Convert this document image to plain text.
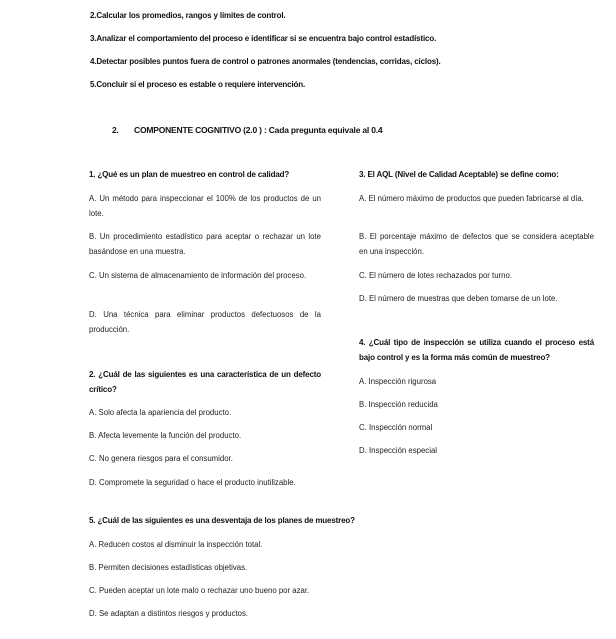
2.Calcular los promedios, rangos y límites de control.
3.Analizar el comportamiento del proceso e identificar si se encuentra bajo control estadístico.
4.Detectar posibles puntos fuera de control o patrones anormales (tendencias, corridas, ciclos).
5.Concluir si el proceso es estable o requiere intervención.
2. COMPONENTE COGNITIVO (2.0 ) : Cada pregunta equivale al 0.4
1. ¿Qué es un plan de muestreo en control de calidad?
A. Un método para inspeccionar el 100% de los productos de un lote.
B. Un procedimiento estadístico para aceptar o rechazar un lote basándose en una muestra.
C. Un sistema de almacenamiento de información del proceso.
D. Una técnica para eliminar productos defectuosos de la producción.
2. ¿Cuál de las siguientes es una característica de un defecto crítico?
A. Solo afecta la apariencia del producto.
B. Afecta levemente la función del producto.
C. No genera riesgos para el consumidor.
D. Compromete la seguridad o hace el producto inutilizable.
3. El AQL (Nivel de Calidad Aceptable) se define como:
A. El número máximo de productos que pueden fabricarse al día.
B. El porcentaje máximo de defectos que se considera aceptable en una inspección.
C. El número de lotes rechazados por turno.
D. El número de muestras que deben tomarse de un lote.
4. ¿Cuál tipo de inspección se utiliza cuando el proceso está bajo control y es la forma más común de muestreo?
A. Inspección rigurosa
B. Inspección reducida
C. Inspección normal
D. Inspección especial
5. ¿Cuál de las siguientes es una desventaja de los planes de muestreo?
A. Reducen costos al disminuir la inspección total.
B. Permiten decisiones estadísticas objetivas.
C. Pueden aceptar un lote malo o rechazar uno bueno por azar.
D. Se adaptan a distintos riesgos y productos.
